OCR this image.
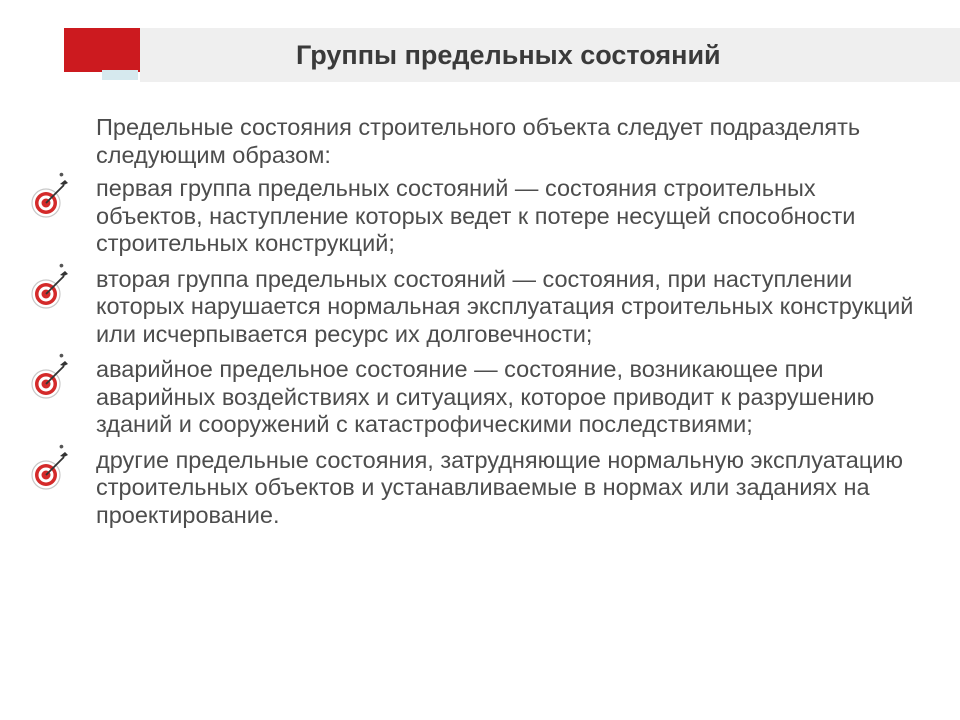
Группы предельных состояний
Предельные состояния строительного объекта следует подразделять следующим образом:
•
первая группа предельных состояний — состояния строительных объектов, наступление которых ведет к потере несущей способности строительных конструкций;
•
вторая группа предельных состояний — состояния, при наступлении которых нарушается нормальная эксплуатация строительных конструкций или исчерпывается ресурс их долговечности;
•
аварийное предельное состояние — состояние, возникающее при аварийных воздействиях и ситуациях, которое приводит к разрушению зданий и сооружений с катастрофическими последствиями;
•
другие предельные состояния, затрудняющие нормальную эксплуатацию строительных объектов и устанавливаемые в нормах или заданиях на проектирование.
